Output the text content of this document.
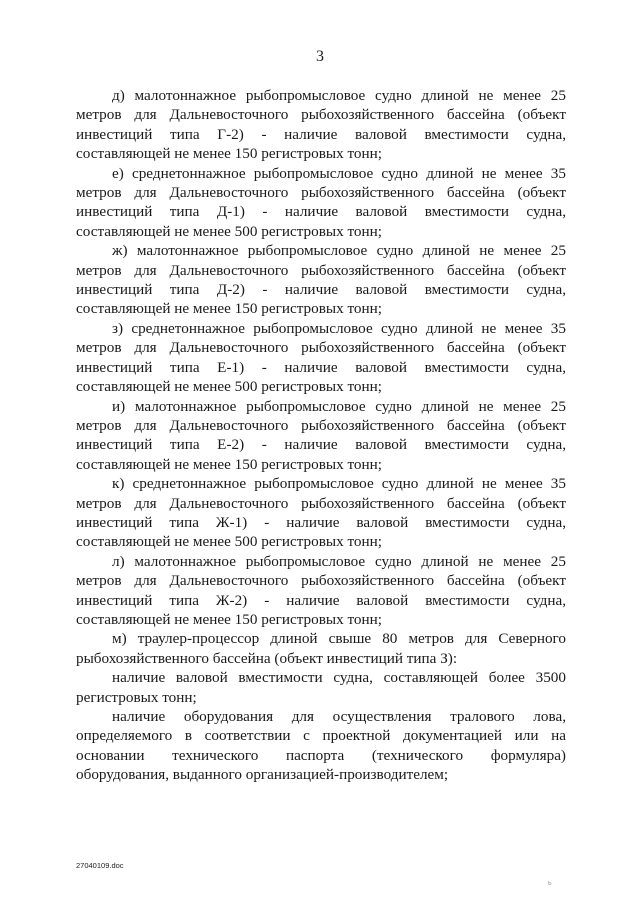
3

д) малотоннажное рыбопромысловое судно длиной не менее 25 метров для Дальневосточного рыбохозяйственного бассейна (объект инвестиций типа Г-2) - наличие валовой вместимости судна, составляющей не менее 150 регистровых тонн;

е) среднетоннажное рыбопромысловое судно длиной не менее 35 метров для Дальневосточного рыбохозяйственного бассейна (объект инвестиций типа Д-1) - наличие валовой вместимости судна, составляющей не менее 500 регистровых тонн;

ж) малотоннажное рыбопромысловое судно длиной не менее 25 метров для Дальневосточного рыбохозяйственного бассейна (объект инвестиций типа Д-2) - наличие валовой вместимости судна, составляющей не менее 150 регистровых тонн;

з) среднетоннажное рыбопромысловое судно длиной не менее 35 метров для Дальневосточного рыбохозяйственного бассейна (объект инвестиций типа Е-1) - наличие валовой вместимости судна, составляющей не менее 500 регистровых тонн;

и) малотоннажное рыбопромысловое судно длиной не менее 25 метров для Дальневосточного рыбохозяйственного бассейна (объект инвестиций типа Е-2) - наличие валовой вместимости судна, составляющей не менее 150 регистровых тонн;

к) среднетоннажное рыбопромысловое судно длиной не менее 35 метров для Дальневосточного рыбохозяйственного бассейна (объект инвестиций типа Ж-1) - наличие валовой вместимости судна, составляющей не менее 500 регистровых тонн;

л) малотоннажное рыбопромысловое судно длиной не менее 25 метров для Дальневосточного рыбохозяйственного бассейна (объект инвестиций типа Ж-2) - наличие валовой вместимости судна, составляющей не менее 150 регистровых тонн;

м) траулер-процессор длиной свыше 80 метров для Северного рыбохозяйственного бассейна (объект инвестиций типа З):

наличие валовой вместимости судна, составляющей более 3500 регистровых тонн;

наличие оборудования для осуществления тралового лова, определяемого в соответствии с проектной документацией или на основании технического паспорта (технического формуляра) оборудования, выданного организацией-производителем;

27040109.doc
ь
